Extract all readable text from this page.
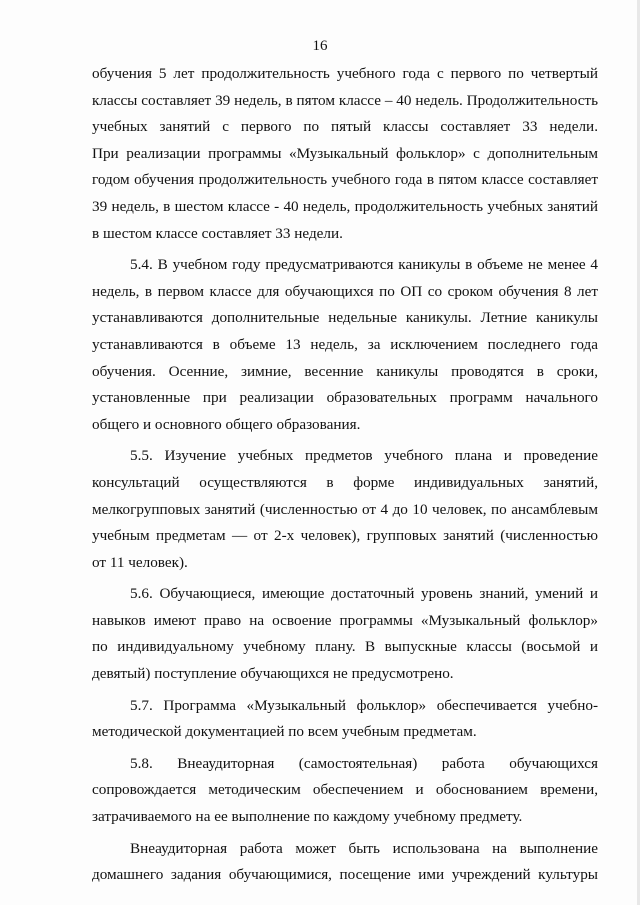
16

обучения 5 лет продолжительность учебного года с первого по четвертый
классы составляет 39 недель, в пятом классе – 40 недель. Продолжительность
учебных занятий с первого по пятый классы составляет 33 недели.
При реализации программы «Музыкальный фольклор» с дополнительным
годом обучения продолжительность учебного года в пятом классе составляет
39 недель, в шестом классе - 40 недель, продолжительность учебных занятий
в шестом классе составляет 33 недели.

5.4. В учебном году предусматриваются каникулы в объеме не менее 4
недель, в первом классе для обучающихся по ОП со сроком обучения 8 лет
устанавливаются дополнительные недельные каникулы. Летние каникулы
устанавливаются в объеме 13 недель, за исключением последнего года
обучения. Осенние, зимние, весенние каникулы проводятся в сроки,
установленные при реализации образовательных программ начального
общего и основного общего образования.

5.5. Изучение учебных предметов учебного плана и проведение
консультаций осуществляются в форме индивидуальных занятий,
мелкогрупповых занятий (численностью от 4 до 10 человек, по ансамблевым
учебным предметам — от 2-х человек), групповых занятий (численностью
от 11 человек).

5.6. Обучающиеся, имеющие достаточный уровень знаний, умений и
навыков имеют право на освоение программы «Музыкальный фольклор»
по индивидуальному учебному плану. В выпускные классы (восьмой и
девятый) поступление обучающихся не предусмотрено.

5.7. Программа «Музыкальный фольклор» обеспечивается учебно-
методической документацией по всем учебным предметам.

5.8. Внеаудиторная (самостоятельная) работа обучающихся
сопровождается методическим обеспечением и обоснованием времени,
затрачиваемого на ее выполнение по каждому учебному предмету.

Внеаудиторная работа может быть использована на выполнение
домашнего задания обучающимися, посещение ими учреждений культуры
